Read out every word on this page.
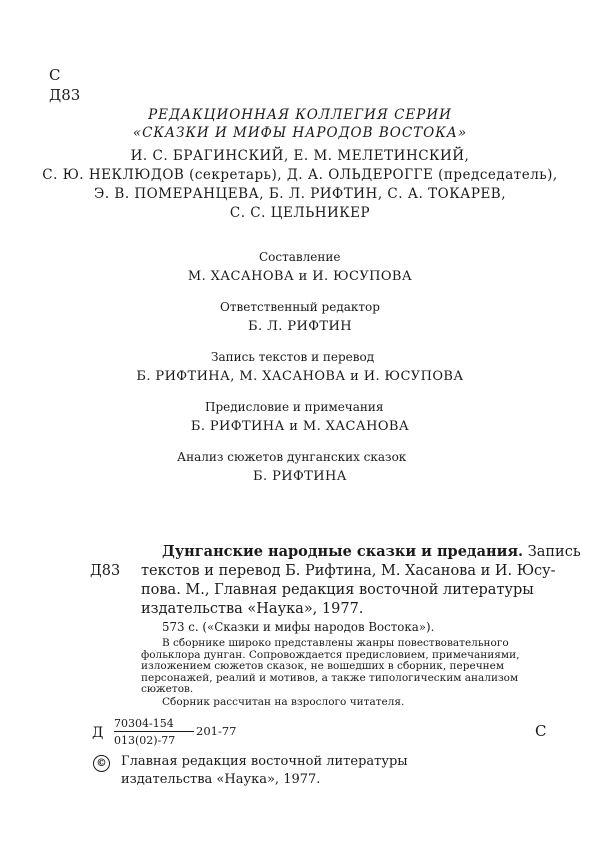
С
Д83
РЕДАКЦИОННАЯ КОЛЛЕГИЯ СЕРИИ
«СКАЗКИ И МИФЫ НАРОДОВ ВОСТОКА»
И. С. БРАГИНСКИЙ, Е. М. МЕЛЕТИНСКИЙ,
С. Ю. НЕКЛЮДОВ (секретарь), Д. А. ОЛЬДЕРОГГЕ (председатель),
Э. В. ПОМЕРАНЦЕВА, Б. Л. РИФТИН, С. А. ТОКАРЕВ,
С. С. ЦЕЛЬНИКЕР
Составление
М. ХАСАНОВА и И. ЮСУПОВА
Ответственный редактор
Б. Л. РИФТИН
Запись текстов и перевод
Б. РИФТИНА, М. ХАСАНОВА и И. ЮСУПОВА
Предисловие и примечания
Б. РИФТИНА и М. ХАСАНОВА
Анализ сюжетов дунганских сказок
Б. РИФТИНА
Д83
Дунганские народные сказки и предания. Запись
текстов и перевод Б. Рифтина, М. Хасанова и И. Юсу-
пова. М., Главная редакция восточной литературы
издательства «Наука», 1977.
573 с. («Сказки и мифы народов Востока»).
В сборнике широко представлены жанры повествовательного
фольклора дунган. Сопровождается предисловием, примечаниями,
изложением сюжетов сказок, не вошедших в сборник, перечнем
персонажей, реалий и мотивов, а также типологическим анализом
сюжетов.
Сборник рассчитан на взрослого читателя.
Д $\frac{70304-154}{013(02)-77} 201-77$	С
© Главная редакция восточной литературы
издательства «Наука», 1977.
